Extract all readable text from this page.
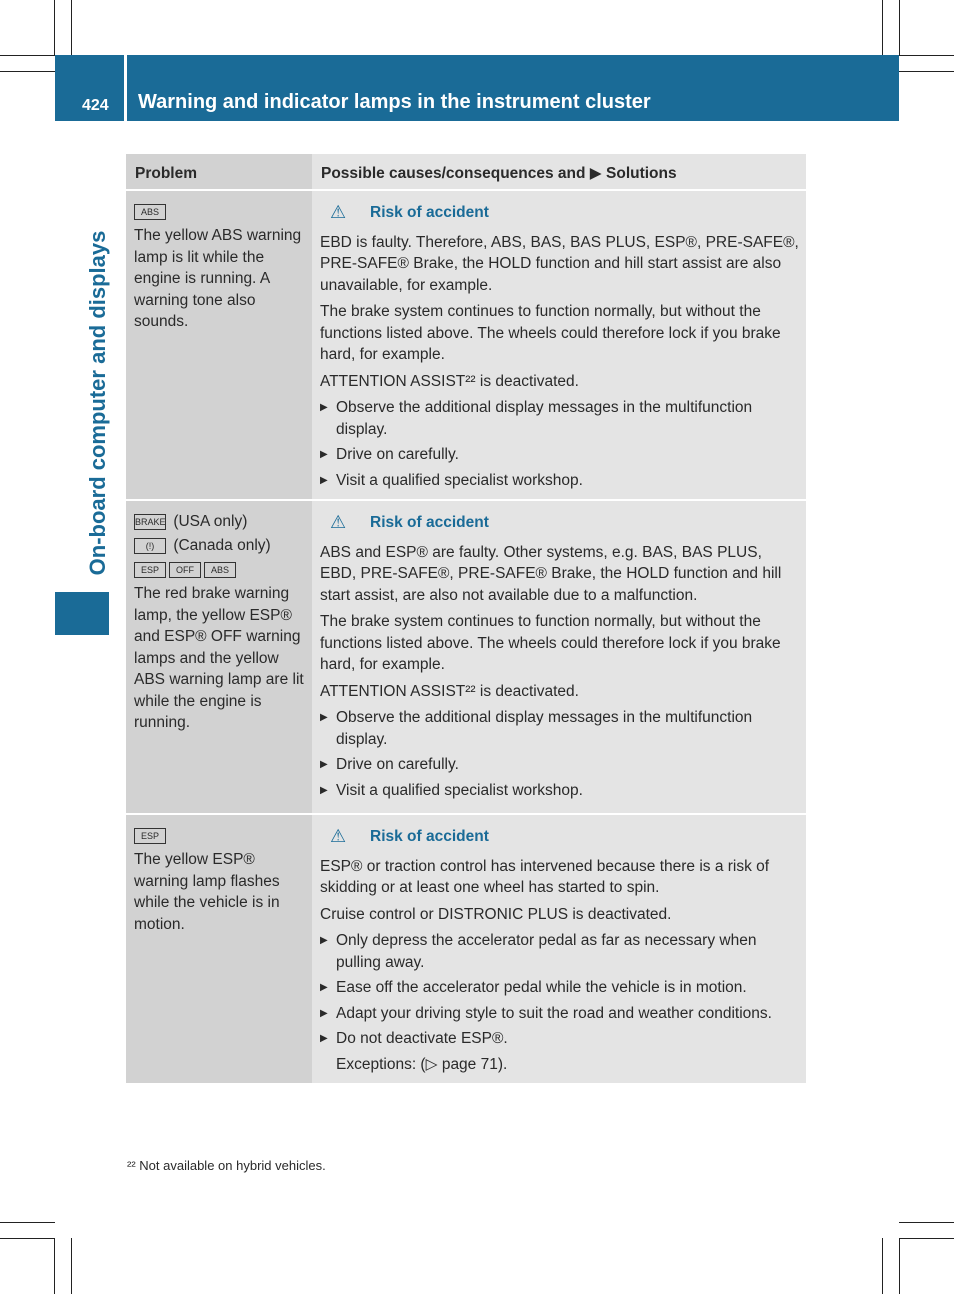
424 Warning and indicator lamps in the instrument cluster
On-board computer and displays
Problem	Possible causes/consequences and ▶ Solutions
ABS
The yellow ABS warning lamp is lit while the engine is running. A warning tone also sounds.
⚠	Risk of accident

EBD is faulty. Therefore, ABS, BAS, BAS PLUS, ESP®, PRE-SAFE®, PRE-SAFE® Brake, the HOLD function and hill start assist are also unavailable, for example.

The brake system continues to function normally, but without the functions listed above. The wheels could therefore lock if you brake hard, for example.

ATTENTION ASSIST²² is deactivated.

▶ Observe the additional display messages in the multifunction display.
▶ Drive on carefully.
▶ Visit a qualified specialist workshop.
BRAKE (USA only)
(!) (Canada only)
ESP OFF ABS
The red brake warning lamp, the yellow ESP® and ESP® OFF warning lamps and the yellow ABS warning lamp are lit while the engine is running.
⚠	Risk of accident

ABS and ESP® are faulty. Other systems, e.g. BAS, BAS PLUS, EBD, PRE-SAFE®, PRE-SAFE® Brake, the HOLD function and hill start assist, are also not available due to a malfunction.

The brake system continues to function normally, but without the functions listed above. The wheels could therefore lock if you brake hard, for example.

ATTENTION ASSIST²² is deactivated.

▶ Observe the additional display messages in the multifunction display.
▶ Drive on carefully.
▶ Visit a qualified specialist workshop.
ESP
The yellow ESP® warning lamp flashes while the vehicle is in motion.
⚠	Risk of accident

ESP® or traction control has intervened because there is a risk of skidding or at least one wheel has started to spin.

Cruise control or DISTRONIC PLUS is deactivated.

▶ Only depress the accelerator pedal as far as necessary when pulling away.
▶ Ease off the accelerator pedal while the vehicle is in motion.
▶ Adapt your driving style to suit the road and weather conditions.
▶ Do not deactivate ESP®.
Exceptions: (▷ page 71).
²² Not available on hybrid vehicles.
